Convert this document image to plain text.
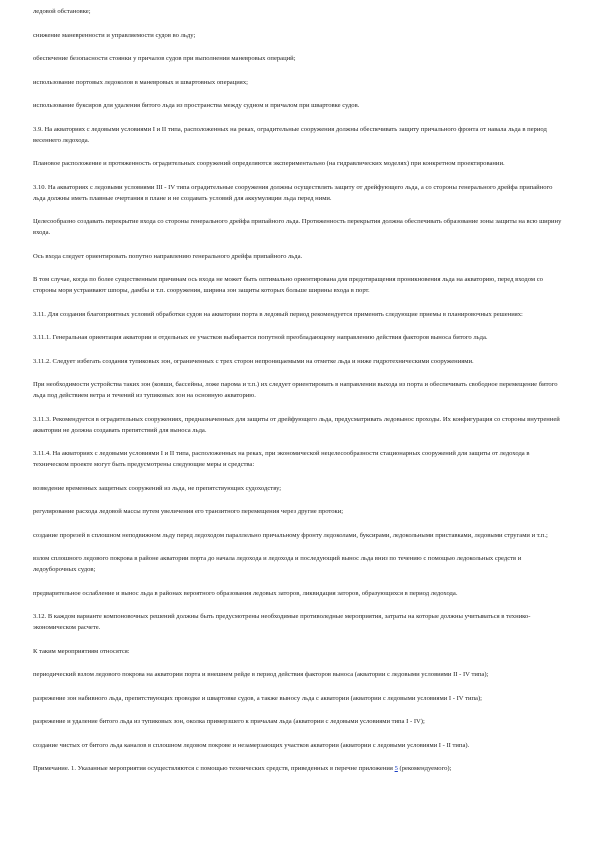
ледовой обстановке;

снижение маневренности и управляемости судов во льду;

обеспечение безопасности стоянки у причалов судов при выполнении маневровых операций;

использование портовых ледоколов в маневровых и швартовных операциях;

использование буксиров для удаления битого льда из пространства между судном и причалом при швартовке судов.

3.9. На акваториях с ледовыми условиями I и II типа, расположенных на реках, оградительные сооружения должны обеспечивать защиту причального фронта от навала льда в период весеннего ледохода.

Плановое расположение и протяженность оградительных сооружений определяются экспериментально (на гидравлических моделях) при конкретном проектировании.

3.10. На акваториях с ледовыми условиями III - IV типа оградительные сооружения должны осуществлять защиту от дрейфующего льда, а со стороны генерального дрейфа припайного льда должны иметь плавные очертания в плане и не создавать условий для аккумуляции льда перед ними.

Целесообразно создавать перекрытие входа со стороны генерального дрейфа припайного льда. Протяженность перекрытия должна обеспечивать образование зоны защиты на всю ширину входа.

Ось входа следует ориентировать попутно направлению генерального дрейфа припайного льда.

В том случае, когда по более существенным причинам ось входа не может быть оптимально ориентирована для предотвращения проникновения льда на акваторию, перед входом со стороны моря устраивают шпоры, дамбы и т.п. сооружения, ширина зон защиты которых больше ширины входа в порт.

3.11. Для создания благоприятных условий обработки судов на акватории порта в ледовый период рекомендуется применять следующие приемы в планировочных решениях:

3.11.1. Генеральная ориентация акватории и отдельных ее участков выбирается попутной преобладающему направлению действия факторов выноса битого льда.

3.11.2. Следует избегать создания тупиковых зон, ограниченных с трех сторон непроницаемыми на отметке льда и ниже гидротехническими сооружениями.

При необходимости устройства таких зон (ковши, бассейны, ложе парома и т.п.) их следует ориентировать в направлении выхода из порта и обеспечивать свободное перемещение битого льда под действием ветра и течений из тупиковых зон на основную акваторию.

3.11.3. Рекомендуется в оградительных сооружениях, предназначенных для защиты от дрейфующего льда, предусматривать ледовынос проходы. Их конфигурация со стороны внутренней акватории не должна создавать препятствий для выноса льда.

3.11.4. На акваториях с ледовыми условиями I и II типа, расположенных на реках, при экономической нецелесообразности стационарных сооружений для защиты от ледохода в техническом проекте могут быть предусмотрены следующие меры и средства:

возведение временных защитных сооружений из льда, не препятствующих судоходству;

регулирование расхода ледовой массы путем увеличения его транзитного перемещения через другие протоки;

создание прорезей в сплошном неподвижном льду перед ледоходом параллельно причальному фронту ледоколами, буксирами, ледокольными приставками, ледовыми стругами и т.п.;

взлом сплошного ледового покрова в районе акватории порта до начала ледохода и ледохода и последующий вынос льда вниз по течению с помощью ледокольных средств и ледоуборочных судов;

предварительное ослабление и вынос льда в районах вероятного образования ледовых заторов, ликвидация заторов, образующихся в период ледохода.

3.12. В каждом варианте компоновочных решений должны быть предусмотрены необходимые противоледные мероприятия, затраты на которые должны учитываться в технико-экономическом расчете.

К таким мероприятиям относятся:

периодический взлом ледового покрова на акватории порта и внешнем рейде в период действия факторов выноса (акватории с ледовыми условиями II - IV типа);

разрежение зон набивного льда, препятствующих проводке и швартовке судов, а также выносу льда с акватории (акватории с ледовыми условиями I - IV типа);

разрежение и удаление битого льда из тупиковых зон, околка примерзшего к причалам льда (акватории с ледовыми условиями типа I - IV);

создание чистых от битого льда каналов в сплошном ледовом покрове и незамерзающих участков акватории (акватории с ледовыми условиями I - II типа).

Примечание. 1. Указанные мероприятия осуществляются с помощью технических средств, приведенных в перечне приложения 5 (рекомендуемого);
